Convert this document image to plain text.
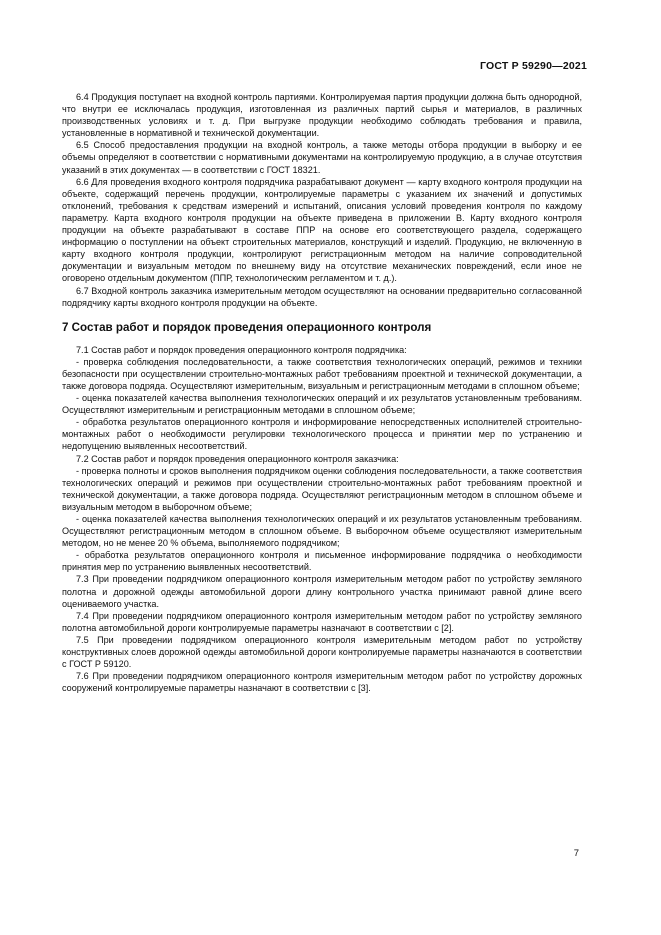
ГОСТ Р 59290—2021

6.4 Продукция поступает на входной контроль партиями. Контролируемая партия продукции должна быть однородной, что внутри ее исключалась продукция, изготовленная из различных партий сырья и материалов, в различных производственных условиях и т. д. При выгрузке продукции необходимо соблюдать требования и правила, установленные в нормативной и технической документации.

6.5 Способ предоставления продукции на входной контроль, а также методы отбора продукции в выборку и ее объемы определяют в соответствии с нормативными документами на контролируемую продукцию, а в случае отсутствия указаний в этих документах — в соответствии с ГОСТ 18321.

6.6 Для проведения входного контроля подрядчика разрабатывают документ — карту входного контроля продукции на объекте, содержащий перечень продукции, контролируемые параметры с указанием их значений и допустимых отклонений, требования к средствам измерений и испытаний, описания условий проведения контроля по каждому параметру. Карта входного контроля продукции на объекте приведена в приложении В. Карту входного контроля продукции на объекте разрабатывают в составе ППР на основе его соответствующего раздела, содержащего информацию о поступлении на объект строительных материалов, конструкций и изделий. Продукцию, не включенную в карту входного контроля продукции, контролируют регистрационным методом на наличие сопроводительной документации и визуальным методом по внешнему виду на отсутствие механических повреждений, если иное не оговорено отдельным документом (ППР, технологическим регламентом и т. д.).

6.7 Входной контроль заказчика измерительным методом осуществляют на основании предварительно согласованной подрядчику карты входного контроля продукции на объекте.

7 Состав работ и порядок проведения операционного контроля

7.1 Состав работ и порядок проведения операционного контроля подрядчика:

- проверка соблюдения последовательности, а также соответствия технологических операций, режимов и техники безопасности при осуществлении строительно-монтажных работ требованиям проектной и технической документации, а также договора подряда. Осуществляют измерительным, визуальным и регистрационным методами в сплошном объеме;

- оценка показателей качества выполнения технологических операций и их результатов установленным требованиям. Осуществляют измерительным и регистрационным методами в сплошном объеме;

- обработка результатов операционного контроля и информирование непосредственных исполнителей строительно-монтажных работ о необходимости регулировки технологического процесса и принятии мер по устранению и недопущению выявленных несоответствий.

7.2 Состав работ и порядок проведения операционного контроля заказчика:

- проверка полноты и сроков выполнения подрядчиком оценки соблюдения последовательности, а также соответствия технологических операций и режимов при осуществлении строительно-монтажных работ требованиям проектной и технической документации, а также договора подряда. Осуществляют регистрационным методом в сплошном объеме и визуальным методом в выборочном объеме;

- оценка показателей качества выполнения технологических операций и их результатов установленным требованиям. Осуществляют регистрационным методом в сплошном объеме. В выборочном объеме осуществляют измерительным методом, но не менее 20 % объема, выполняемого подрядчиком;

- обработка результатов операционного контроля и письменное информирование подрядчика о необходимости принятия мер по устранению выявленных несоответствий.

7.3 При проведении подрядчиком операционного контроля измерительным методом работ по устройству земляного полотна и дорожной одежды автомобильной дороги длину контрольного участка принимают равной длине всего оцениваемого участка.

7.4 При проведении подрядчиком операционного контроля измерительным методом работ по устройству земляного полотна автомобильной дороги контролируемые параметры назначают в соответствии с [2].

7.5 При проведении подрядчиком операционного контроля измерительным методом работ по устройству конструктивных слоев дорожной одежды автомобильной дороги контролируемые параметры назначаются в соответствии с ГОСТ Р 59120.

7.6 При проведении подрядчиком операционного контроля измерительным методом работ по устройству дорожных сооружений контролируемые параметры назначают в соответствии с [3].

7
